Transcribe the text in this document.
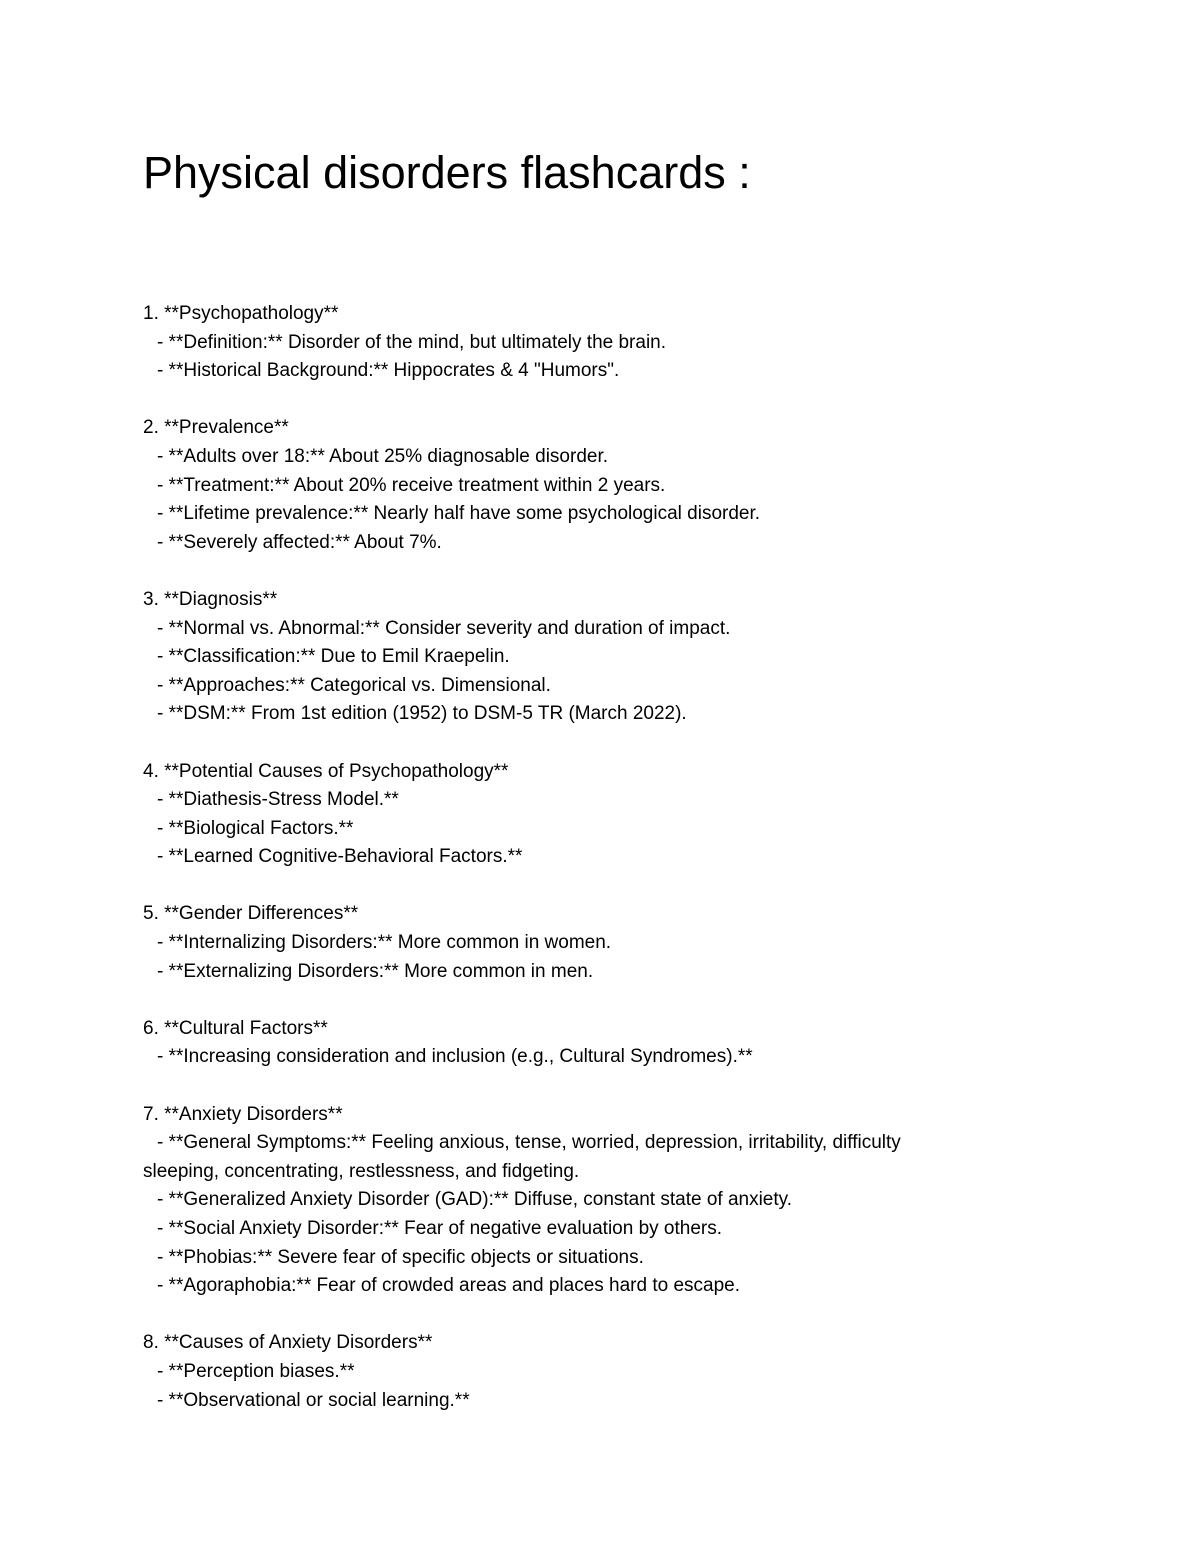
Physical disorders flashcards :
1. **Psychopathology**
- **Definition:** Disorder of the mind, but ultimately the brain.
- **Historical Background:** Hippocrates & 4 "Humors".
2. **Prevalence**
- **Adults over 18:** About 25% diagnosable disorder.
- **Treatment:** About 20% receive treatment within 2 years.
- **Lifetime prevalence:** Nearly half have some psychological disorder.
- **Severely affected:** About 7%.
3. **Diagnosis**
- **Normal vs. Abnormal:** Consider severity and duration of impact.
- **Classification:** Due to Emil Kraepelin.
- **Approaches:** Categorical vs. Dimensional.
- **DSM:** From 1st edition (1952) to DSM-5 TR (March 2022).
4. **Potential Causes of Psychopathology**
- **Diathesis-Stress Model.**
- **Biological Factors.**
- **Learned Cognitive-Behavioral Factors.**
5. **Gender Differences**
- **Internalizing Disorders:** More common in women.
- **Externalizing Disorders:** More common in men.
6. **Cultural Factors**
- **Increasing consideration and inclusion (e.g., Cultural Syndromes).**
7. **Anxiety Disorders**
- **General Symptoms:** Feeling anxious, tense, worried, depression, irritability, difficulty
sleeping, concentrating, restlessness, and fidgeting.
- **Generalized Anxiety Disorder (GAD):** Diffuse, constant state of anxiety.
- **Social Anxiety Disorder:** Fear of negative evaluation by others.
- **Phobias:** Severe fear of specific objects or situations.
- **Agoraphobia:** Fear of crowded areas and places hard to escape.
8. **Causes of Anxiety Disorders**
- **Perception biases.**
- **Observational or social learning.**
